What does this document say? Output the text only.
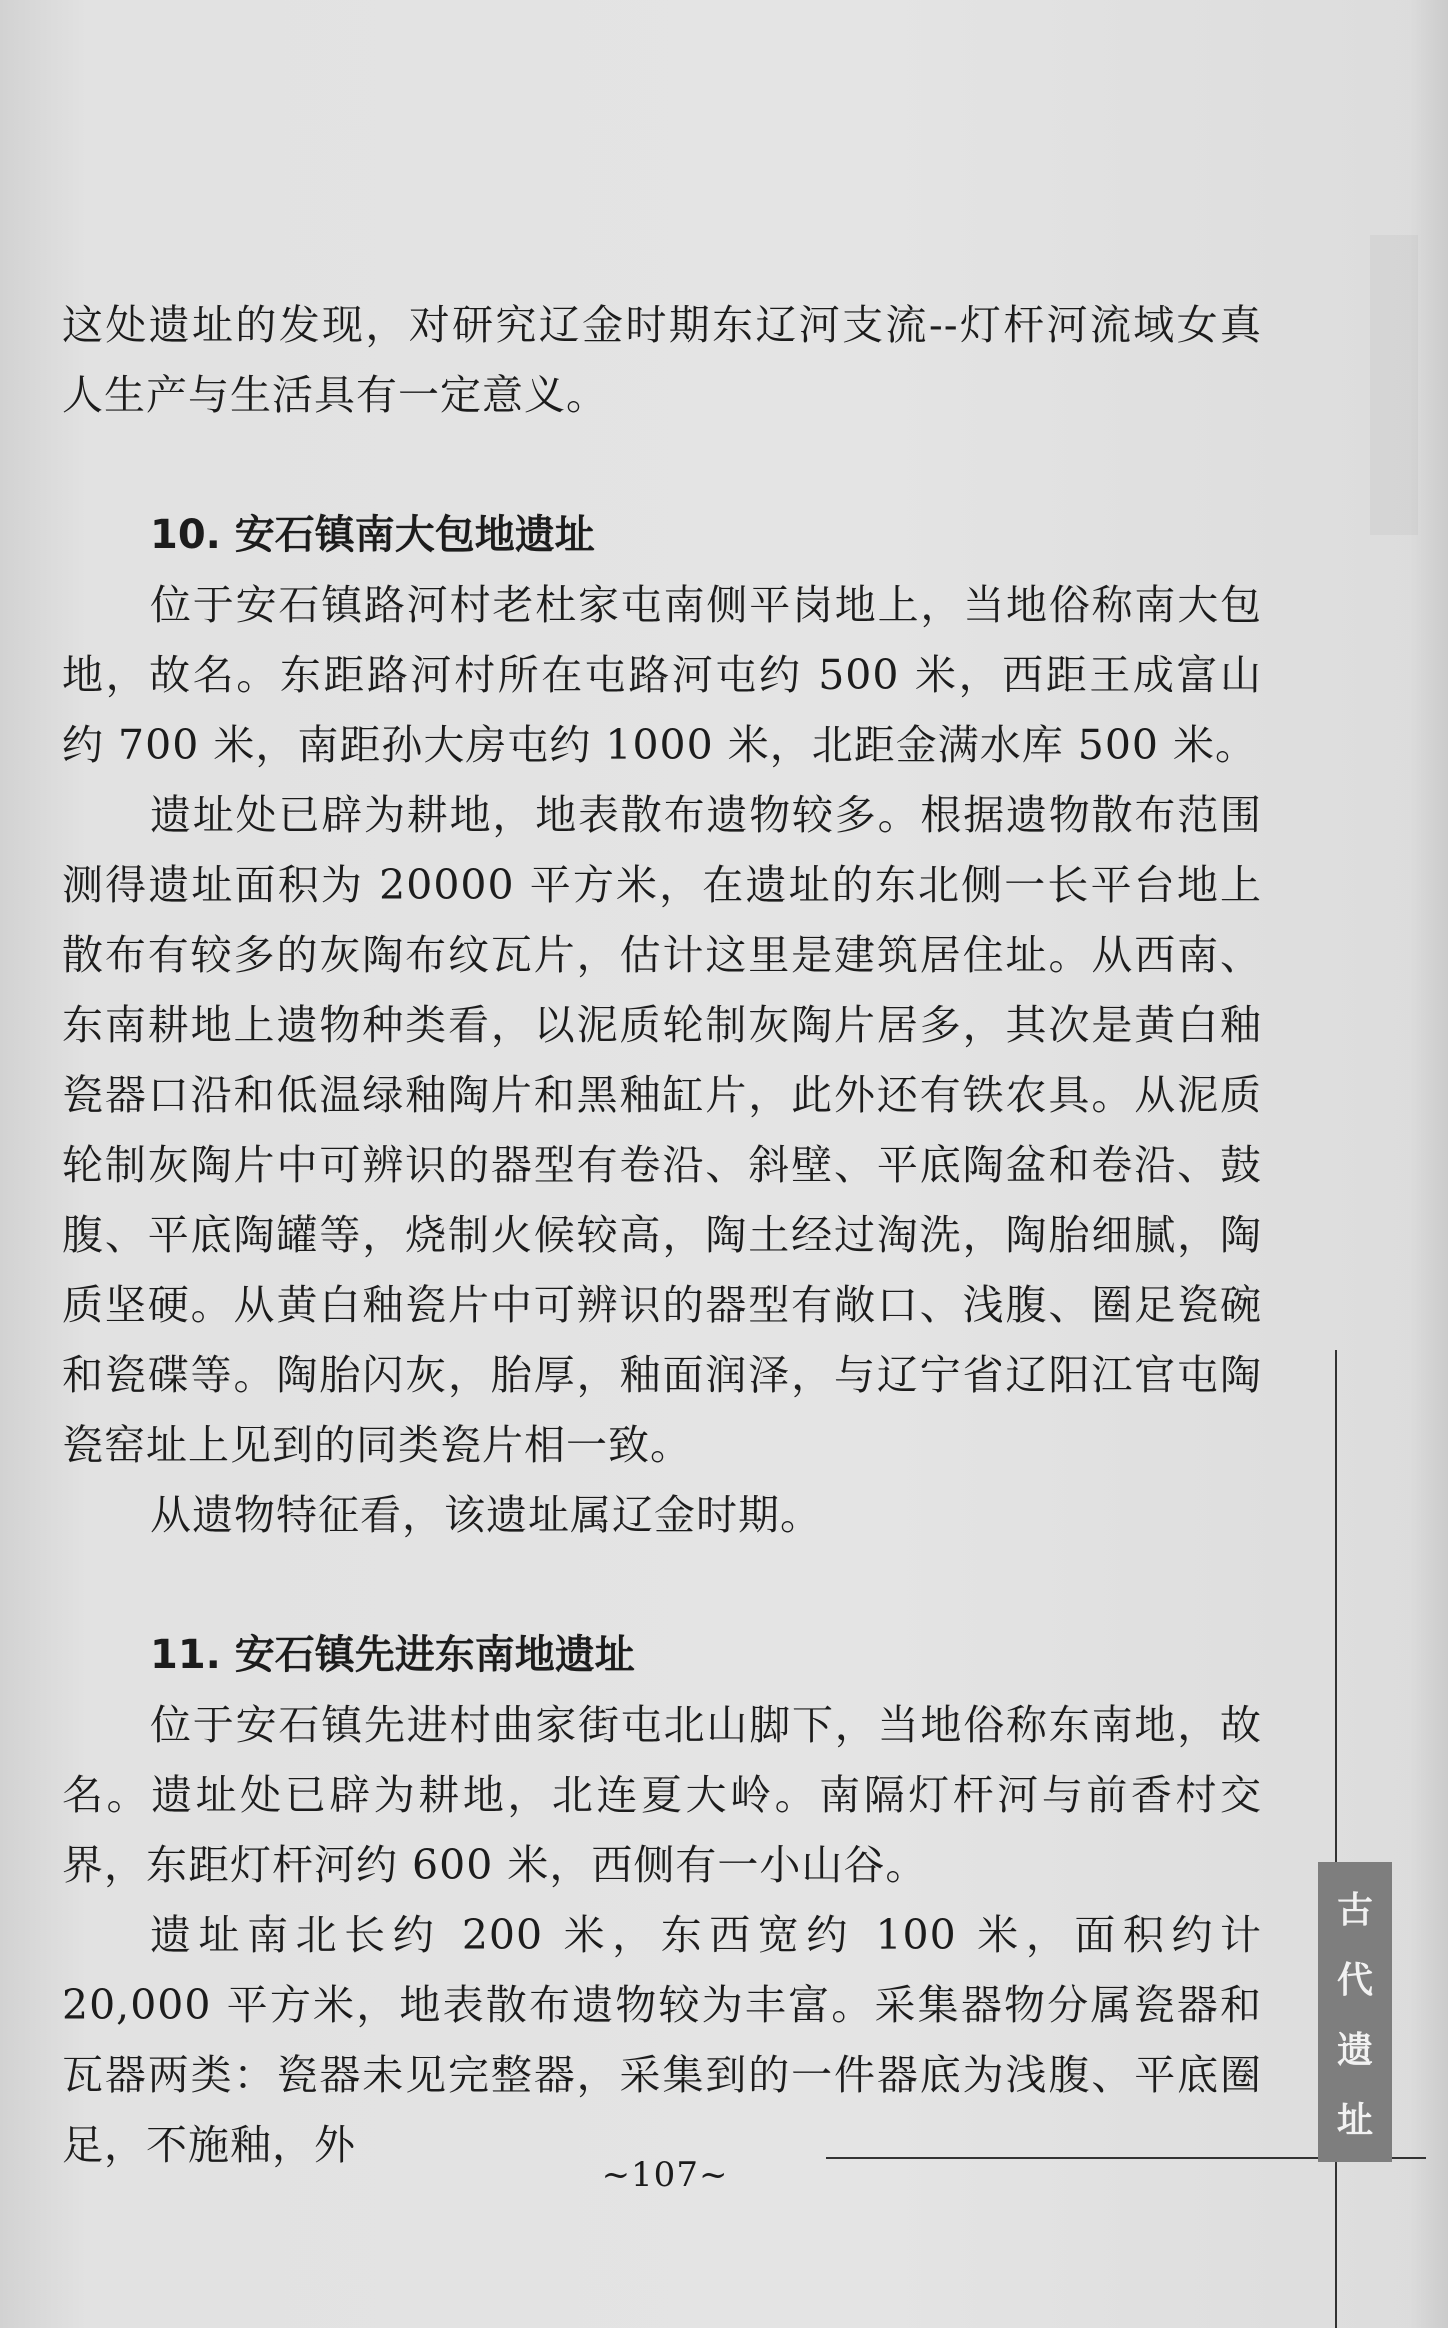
这处遗址的发现，对研究辽金时期东辽河支流--灯杆河流域女真人生产与生活具有一定意义。

10. 安石镇南大包地遗址

位于安石镇路河村老杜家屯南侧平岗地上，当地俗称南大包地，故名。东距路河村所在屯路河屯约 500 米，西距王成富山约 700 米，南距孙大房屯约 1000 米，北距金满水库 500 米。

遗址处已辟为耕地，地表散布遗物较多。根据遗物散布范围测得遗址面积为 20000 平方米，在遗址的东北侧一长平台地上散布有较多的灰陶布纹瓦片，估计这里是建筑居住址。从西南、东南耕地上遗物种类看，以泥质轮制灰陶片居多，其次是黄白釉瓷器口沿和低温绿釉陶片和黑釉缸片，此外还有铁农具。从泥质轮制灰陶片中可辨识的器型有卷沿、斜壁、平底陶盆和卷沿、鼓腹、平底陶罐等，烧制火候较高，陶土经过淘洗，陶胎细腻，陶质坚硬。从黄白釉瓷片中可辨识的器型有敞口、浅腹、圈足瓷碗和瓷碟等。陶胎闪灰，胎厚，釉面润泽，与辽宁省辽阳江官屯陶瓷窑址上见到的同类瓷片相一致。

从遗物特征看，该遗址属辽金时期。

11. 安石镇先进东南地遗址

位于安石镇先进村曲家街屯北山脚下，当地俗称东南地，故名。遗址处已辟为耕地，北连夏大岭。南隔灯杆河与前香村交界，东距灯杆河约 600 米，西侧有一小山谷。

遗址南北长约 200 米，东西宽约 100 米，面积约计 20,000 平方米，地表散布遗物较为丰富。采集器物分属瓷器和瓦器两类：瓷器未见完整器，采集到的一件器底为浅腹、平底圈足，不施釉，外

~107~
古
代
遗
址
